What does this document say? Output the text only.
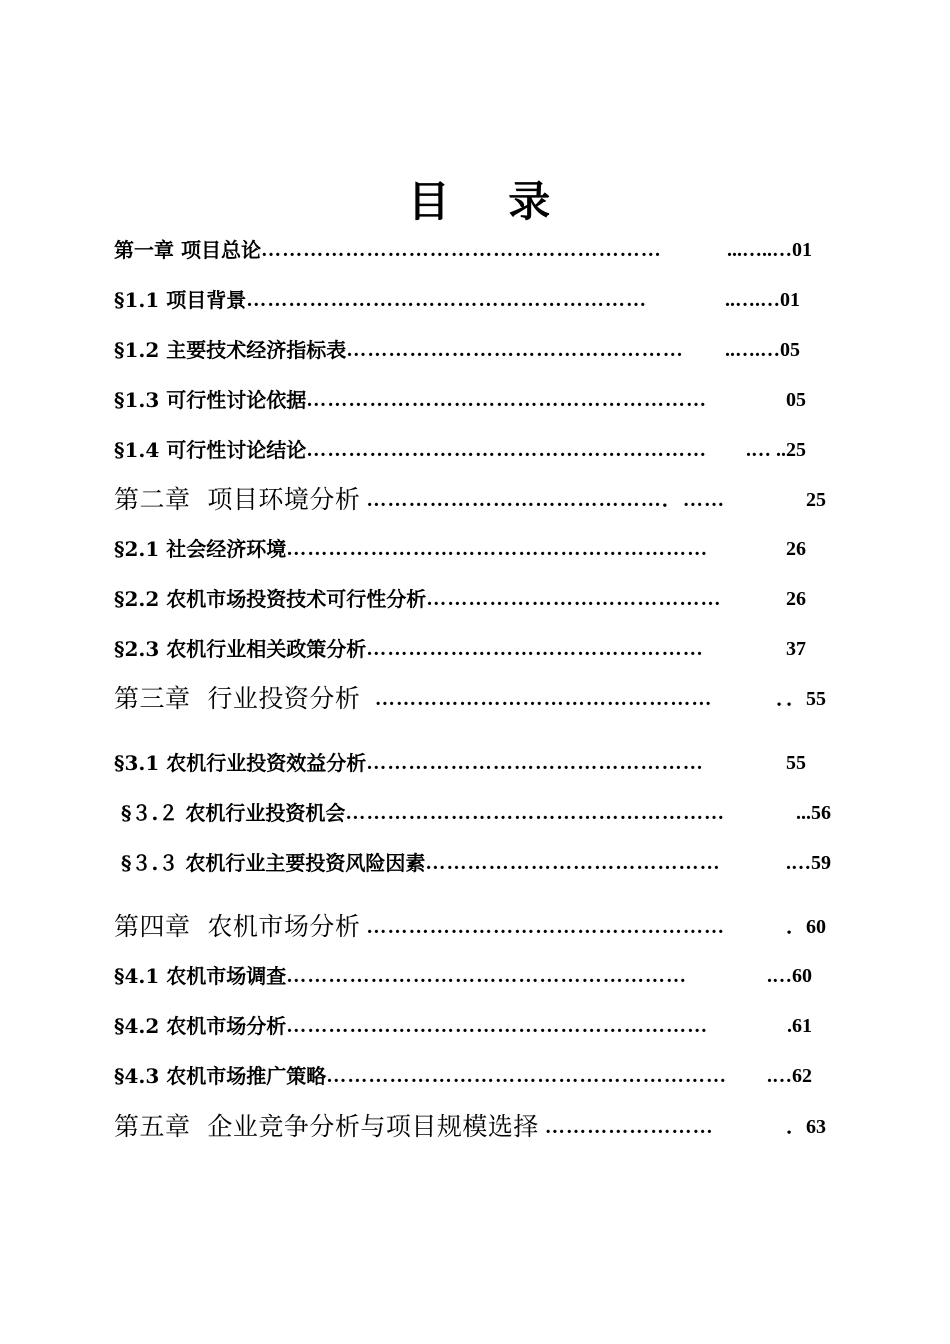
目 录
第一章 项目总论 …………………………………………………	...…..…01
§1.1 项目背景 …………………………………………………	..….…01
§1.2 主要技术经济指标表 …………………………………………	..….…05
§1.3 可行性讨论依据 …………………………………………………	05
§1.4 可行性讨论结论 …………………………………………………	.… ..25
第二章  项目环境分析 ……………………………………．……	25
§2.1 社会经济环境 ……………………………………………………	26
§2.2 农机市场投资技术可行性分析 ……………………………………	26
§2.3 农机行业相关政策分析 …………………………………………	37
第三章  行业投资分析 …………………………………………	．．55
§3.1 农机行业投资效益分析 …………………………………………	55
§３.２ 农机行业投资机会 ………………………………………………	...56
§３.３ 农机行业主要投资风险因素 ……………………………………	.…59
第四章  农机市场分析 ……………………………………………	．60
§4.1 农机市场调查 …………………………………………………	.…60
§4.2 农机市场分析 ……………………………………………………	.61
§4.3 农机市场推广策略 …………………………………………………	.…62
第五章  企业竞争分析与项目规模选择 ……………………	．63
